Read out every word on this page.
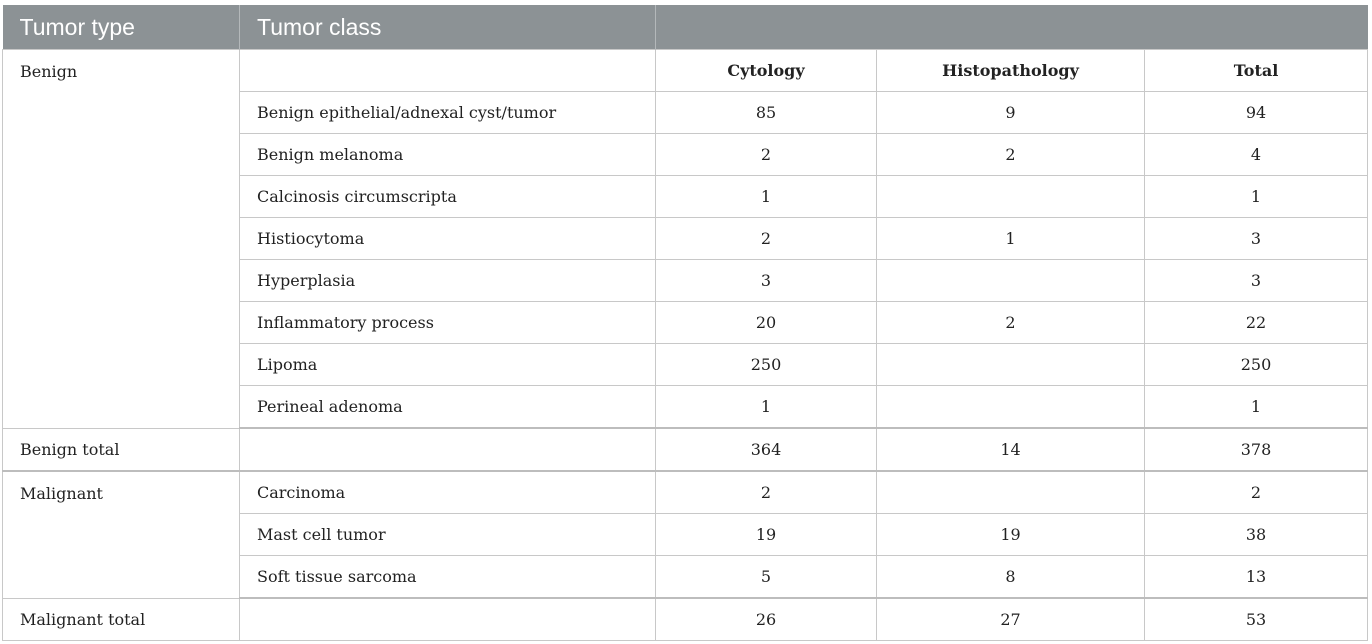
Tumor type	Tumor class			
Benign		Cytology	Histopathology	Total
	Benign epithelial/adnexal cyst/tumor	85	9	94
	Benign melanoma	2	2	4
	Calcinosis circumscripta	1		1
	Histiocytoma	2	1	3
	Hyperplasia	3		3
	Inflammatory process	20	2	22
	Lipoma	250		250
	Perineal adenoma	1		1
Benign total		364	14	378
Malignant	Carcinoma	2		2
	Mast cell tumor	19	19	38
	Soft tissue sarcoma	5	8	13
Malignant total		26	27	53
